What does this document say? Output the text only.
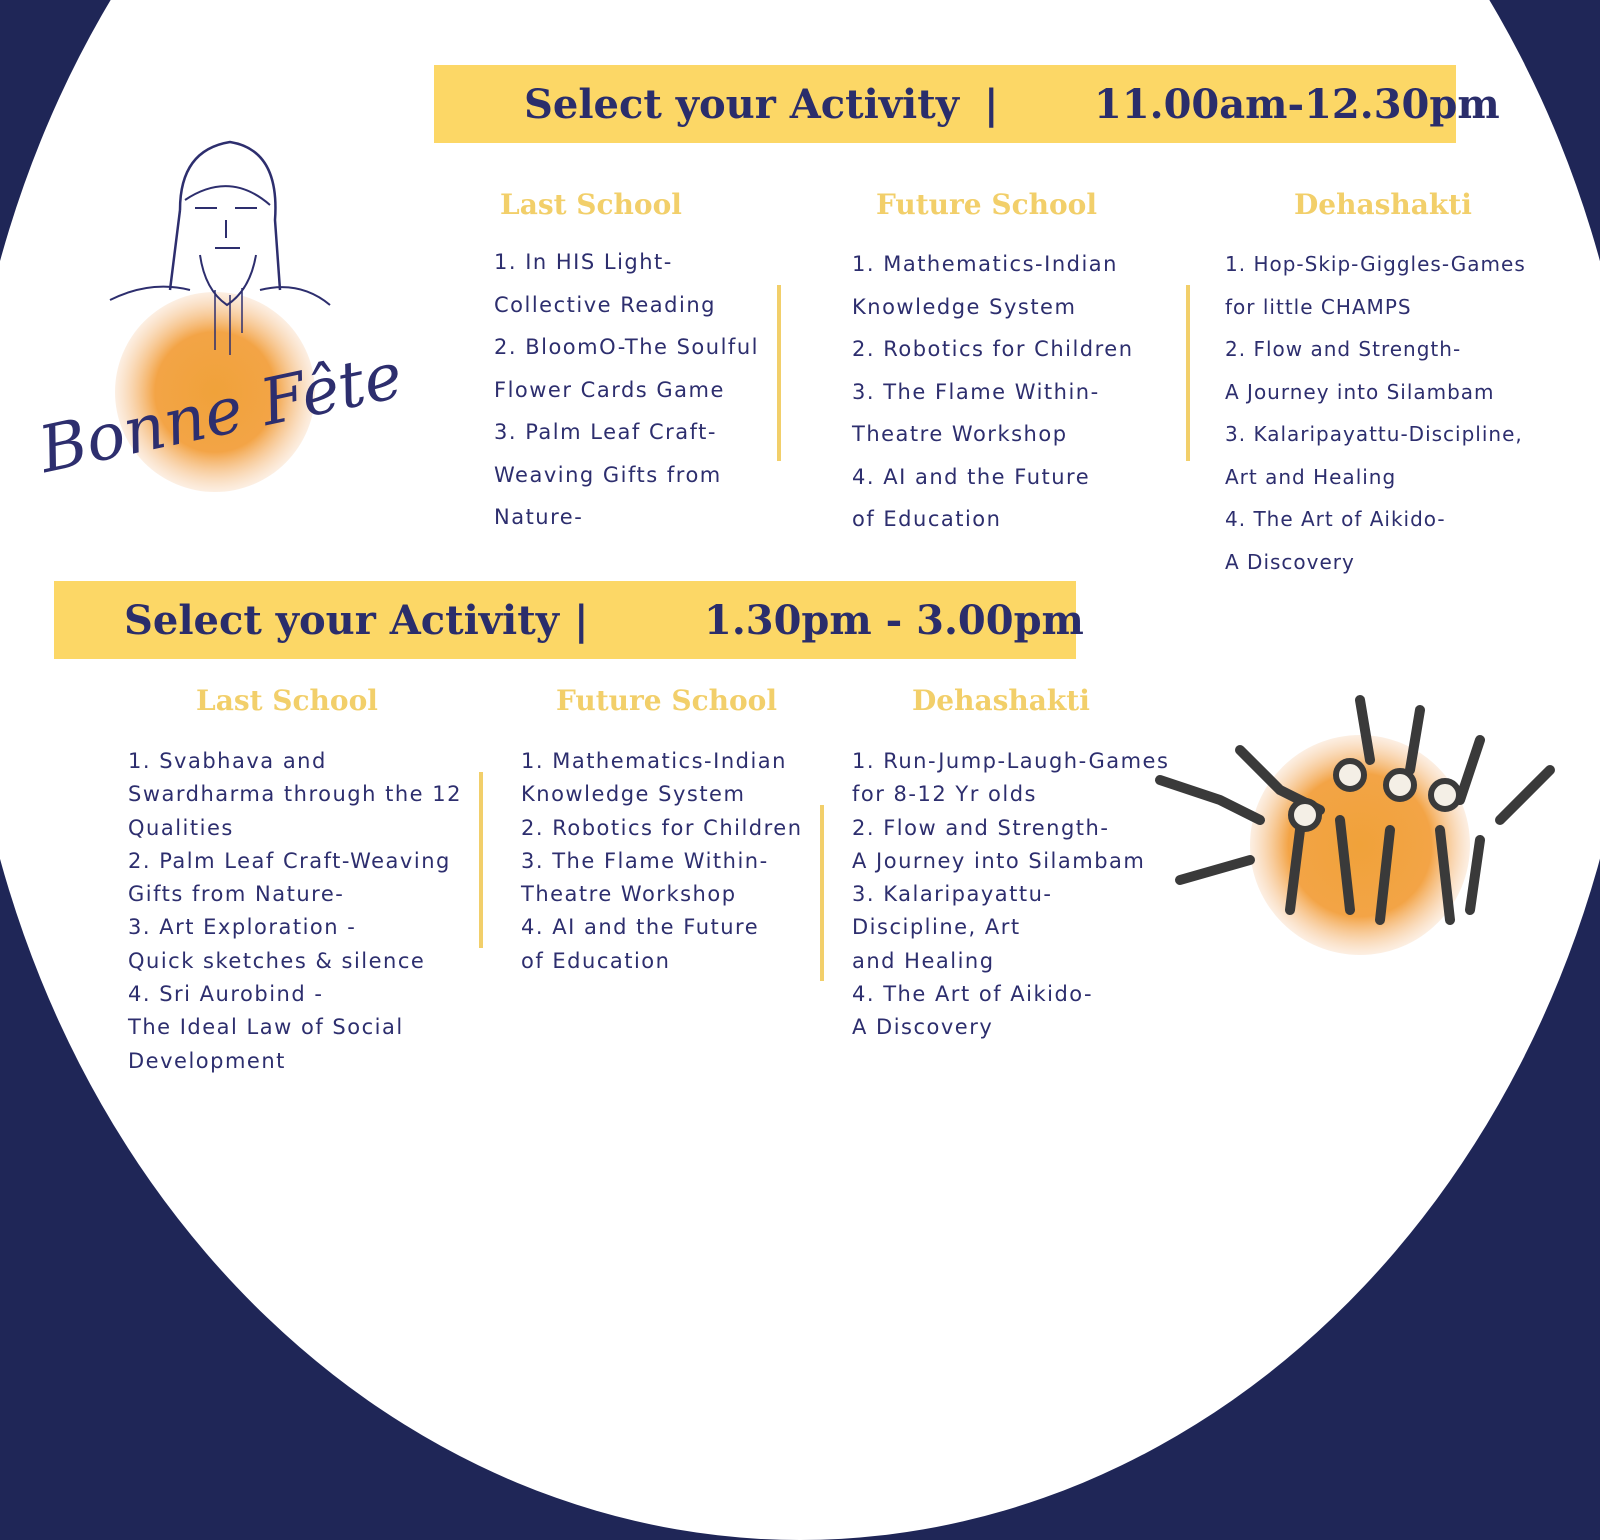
Bonne Fête
Select your Activity | 11.00am-12.30pm
Last School
1. In HIS Light-
Collective Reading
2. BloomO-The Soulful
Flower Cards Game
3. Palm Leaf Craft-
Weaving Gifts from
Nature-
Future School
1. Mathematics-Indian
Knowledge System
2. Robotics for Children
3. The Flame Within-
Theatre Workshop
4. AI and the Future
of Education
Dehashakti
1. Hop-Skip-Giggles-Games
for little CHAMPS
2. Flow and Strength-
A Journey into Silambam
3. Kalaripayattu-Discipline,
Art and Healing
4. The Art of Aikido-
A Discovery
Select your Activity |	1.30pm - 3.00pm
Last School
1. Svabhava and
Swardharma through the 12
Qualities
2. Palm Leaf Craft-Weaving
Gifts from Nature-
3. Art Exploration -
Quick sketches & silence
4. Sri Aurobind -
The Ideal Law of Social
Development
Future School
1. Mathematics-Indian
Knowledge System
2. Robotics for Children
3. The Flame Within-
Theatre Workshop
4. AI and the Future
of Education
Dehashakti
1. Run-Jump-Laugh-Games
for 8-12 Yr olds
2. Flow and Strength-
A Journey into Silambam
3. Kalaripayattu-
Discipline, Art
and Healing
4. The Art of Aikido-
A Discovery
